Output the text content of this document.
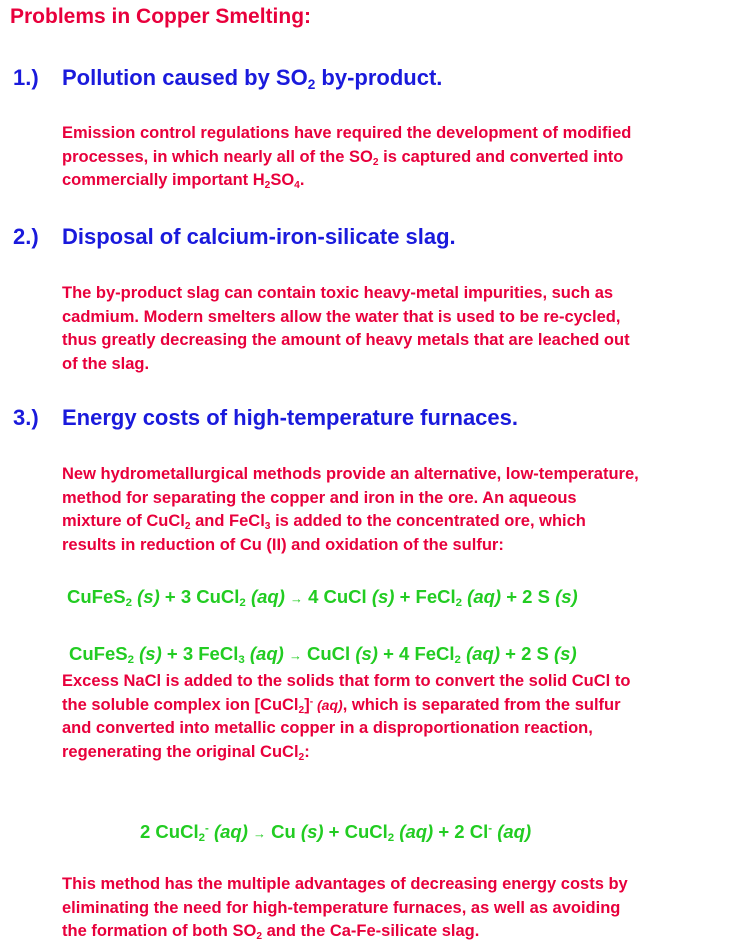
Problems in Copper Smelting:
1.) Pollution caused by $SO_2$ by-product.
Emission control regulations have required the development of modified
processes, in which nearly all of the $SO_2$ is captured and converted into
commercially important $H_2SO_4$.
2.) Disposal of calcium-iron-silicate slag.
The by-product slag can contain toxic heavy-metal impurities, such as
cadmium. Modern smelters allow the water that is used to be re-cycled,
thus greatly decreasing the amount of heavy metals that are leached out
of the slag.
3.) Energy costs of high-temperature furnaces.
New hydrometallurgical methods provide an alternative, low-temperature,
method for separating the copper and iron in the ore. An aqueous
mixture of CuCl$_2$ and FeCl$_3$ is added to the concentrated ore, which
results in reduction of Cu (II) and oxidation of the sulfur:
CuFeS$_2$ (s) + 3 CuCl$_2$ (aq) → 4 CuCl (s) + FeCl$_2$ (aq) + 2 S (s)
CuFeS$_2$ (s) + 3 FeCl$_3$ (aq) → CuCl (s) + 4 FeCl$_2$ (aq) + 2 S (s)
Excess NaCl is added to the solids that form to convert the solid CuCl to
the soluble complex ion [CuCl$_2$]- (aq), which is separated from the sulfur
and converted into metallic copper in a disproportionation reaction,
regenerating the original CuCl$_2$:
2 CuCl$_2$- (aq) → Cu (s) + CuCl$_2$ (aq) + 2 Cl- (aq)
This method has the multiple advantages of decreasing energy costs by
eliminating the need for high-temperature furnaces, as well as avoiding
the formation of both $SO_2$ and the Ca-Fe-silicate slag.
